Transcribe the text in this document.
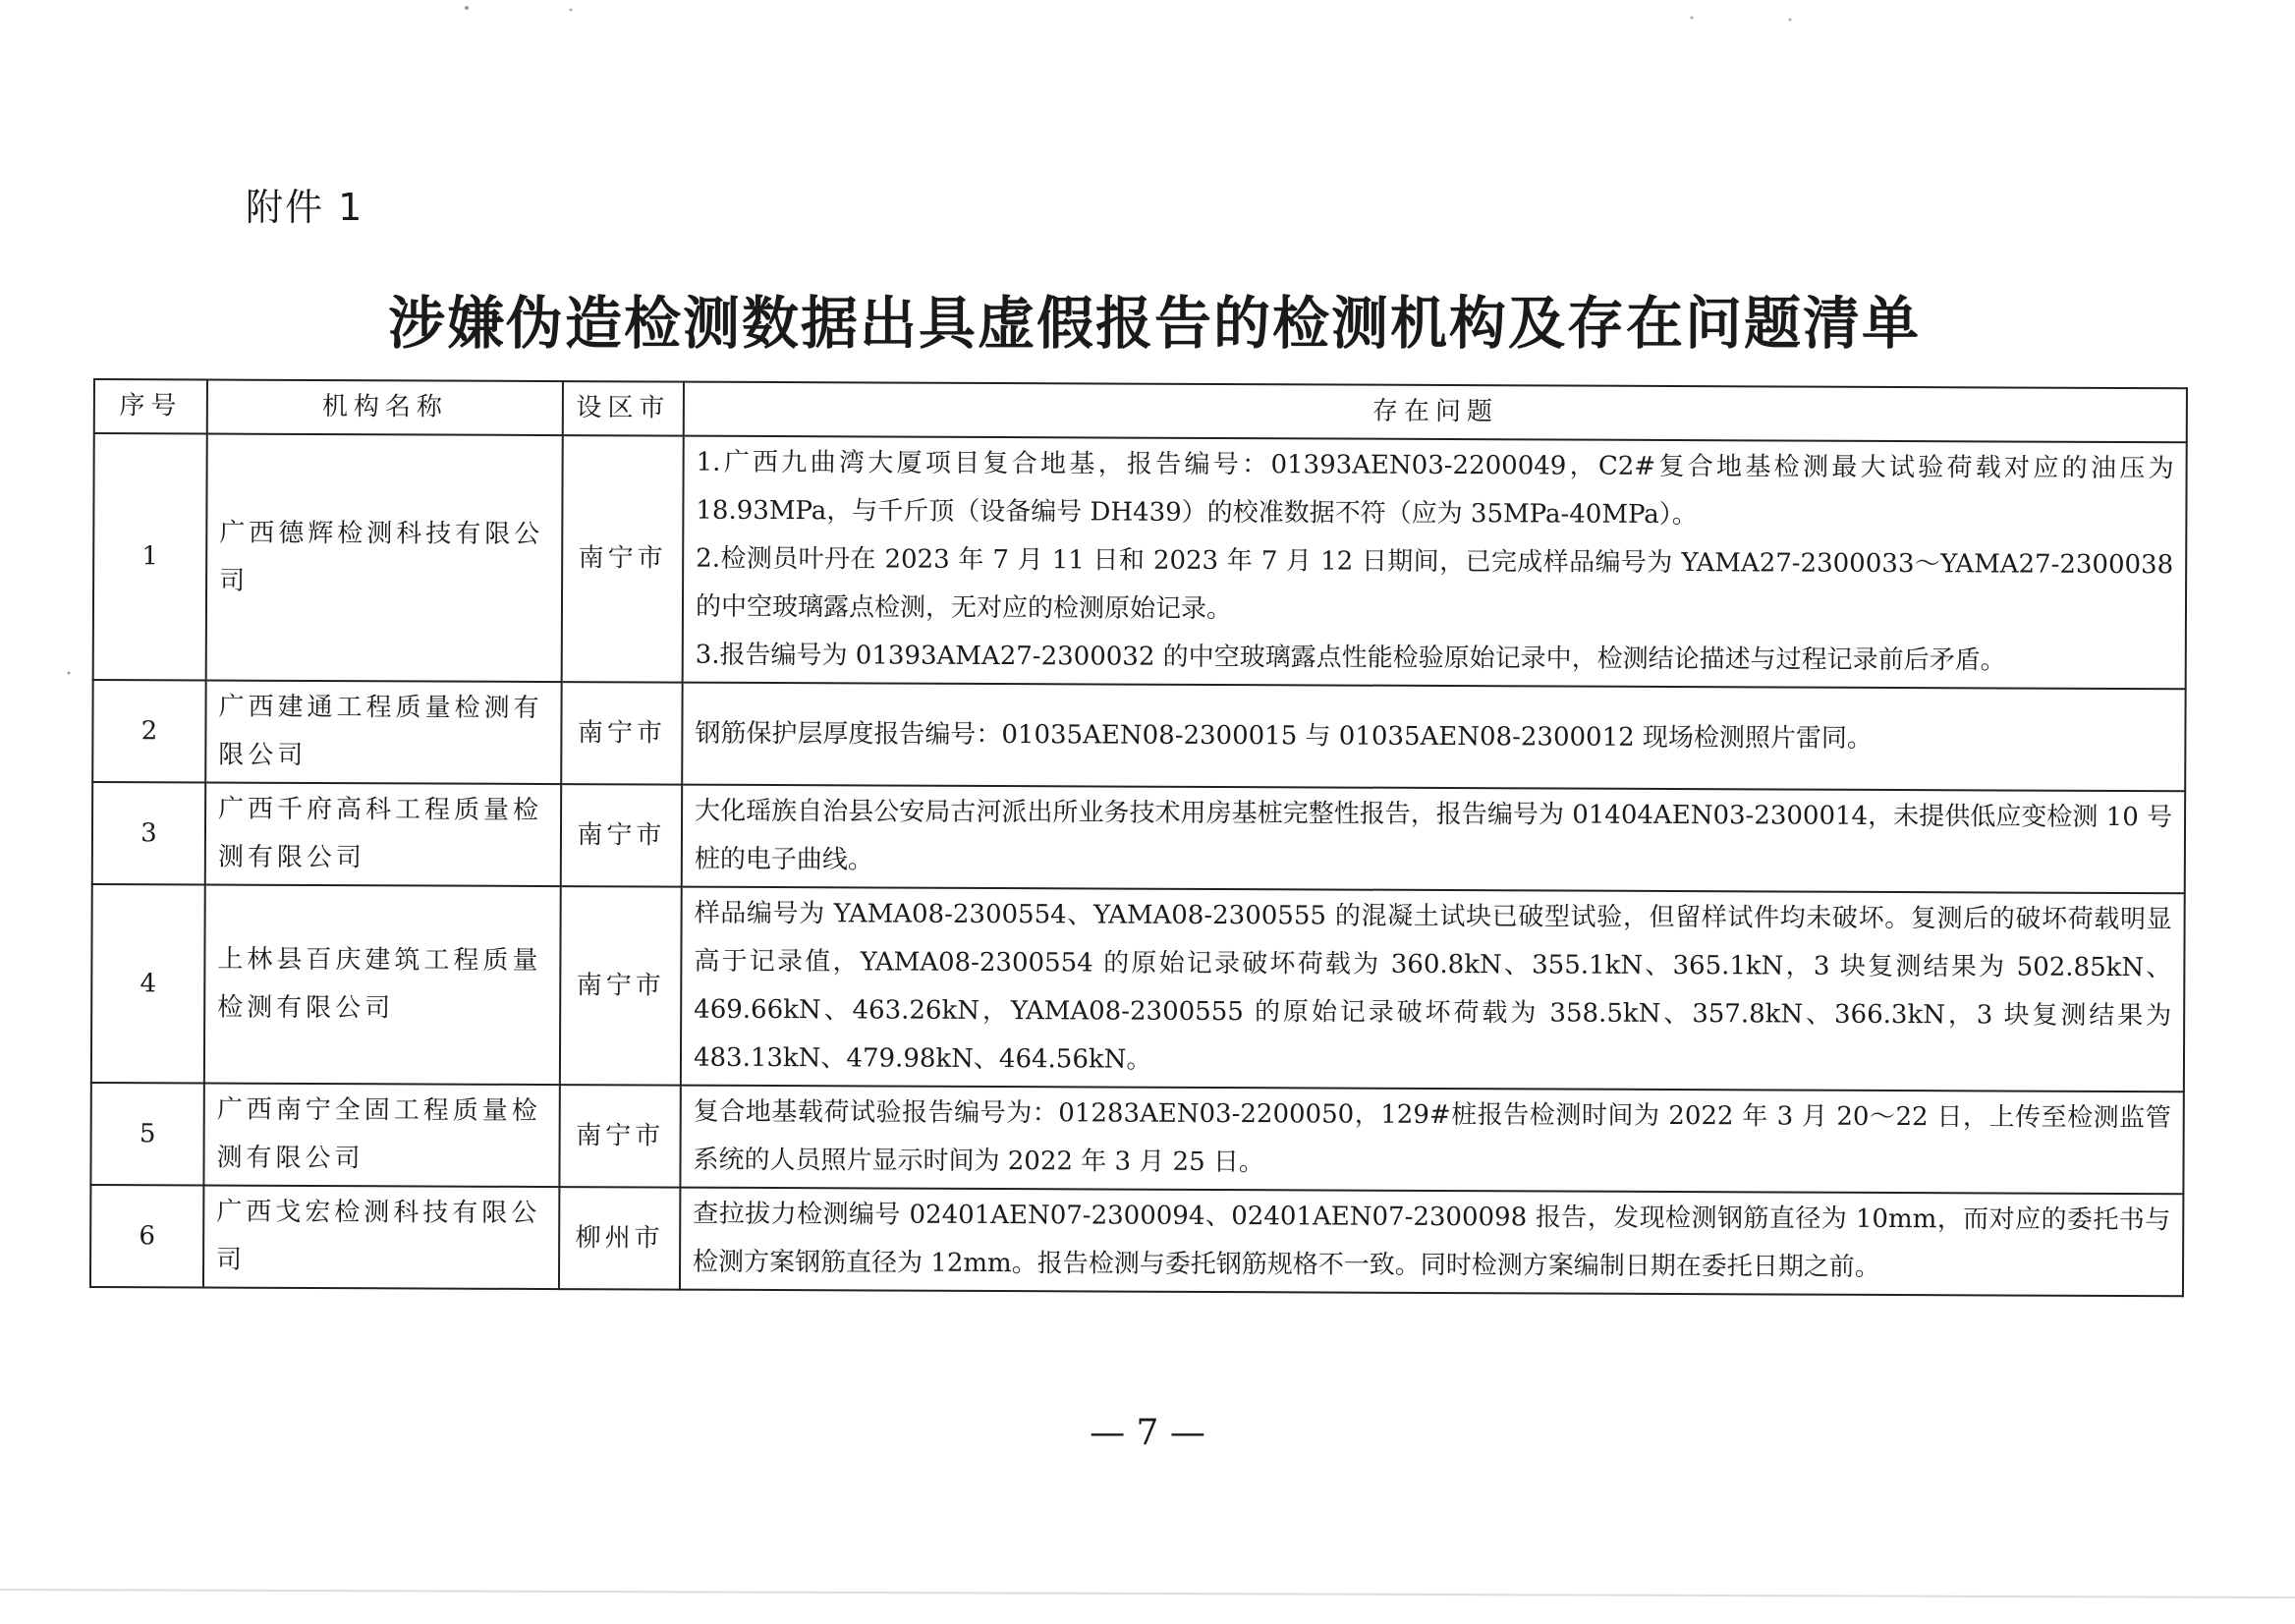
附件 1
涉嫌伪造检测数据出具虚假报告的检测机构及存在问题清单
序号	机构名称	设区市	存在问题
1	广西德辉检测科技有限公司	南宁市	1.广西九曲湾大厦项目复合地基，报告编号：01393AEN03-2200049，C2#复合地基检测最大试验荷载对应的油压为 18.93MPa，与千斤顶（设备编号 DH439）的校准数据不符（应为 35MPa-40MPa）。
2.检测员叶丹在 2023 年 7 月 11 日和 2023 年 7 月 12 日期间，已完成样品编号为 YAMA27-2300033～YAMA27-2300038 的中空玻璃露点检测，无对应的检测原始记录。
3.报告编号为 01393AMA27-2300032 的中空玻璃露点性能检验原始记录中，检测结论描述与过程记录前后矛盾。

2	广西建通工程质量检测有限公司	南宁市	钢筋保护层厚度报告编号：01035AEN08-2300015 与 01035AEN08-2300012 现场检测照片雷同。

3	广西千府高科工程质量检测有限公司	南宁市	大化瑶族自治县公安局古河派出所业务技术用房基桩完整性报告，报告编号为 01404AEN03-2300014，未提供低应变检测 10 号桩的电子曲线。

4	上林县百庆建筑工程质量检测有限公司	南宁市	样品编号为 YAMA08-2300554、YAMA08-2300555 的混凝土试块已破型试验，但留样试件均未破坏。复测后的破坏荷载明显高于记录值，YAMA08-2300554 的原始记录破坏荷载为 360.8kN、355.1kN、365.1kN，3 块复测结果为 502.85kN、469.66kN、463.26kN，YAMA08-2300555 的原始记录破坏荷载为 358.5kN、357.8kN、366.3kN，3 块复测结果为 483.13kN、479.98kN、464.56kN。

5	广西南宁全固工程质量检测有限公司	南宁市	复合地基载荷试验报告编号为：01283AEN03-2200050，129#桩报告检测时间为 2022 年 3 月 20～22 日，上传至检测监管系统的人员照片显示时间为 2022 年 3 月 25 日。

6	广西戈宏检测科技有限公司	柳州市	查拉拔力检测编号 02401AEN07-2300094、02401AEN07-2300098 报告，发现检测钢筋直径为 10mm，而对应的委托书与检测方案钢筋直径为 12mm。报告检测与委托钢筋规格不一致。同时检测方案编制日期在委托日期之前。
— 7 —
